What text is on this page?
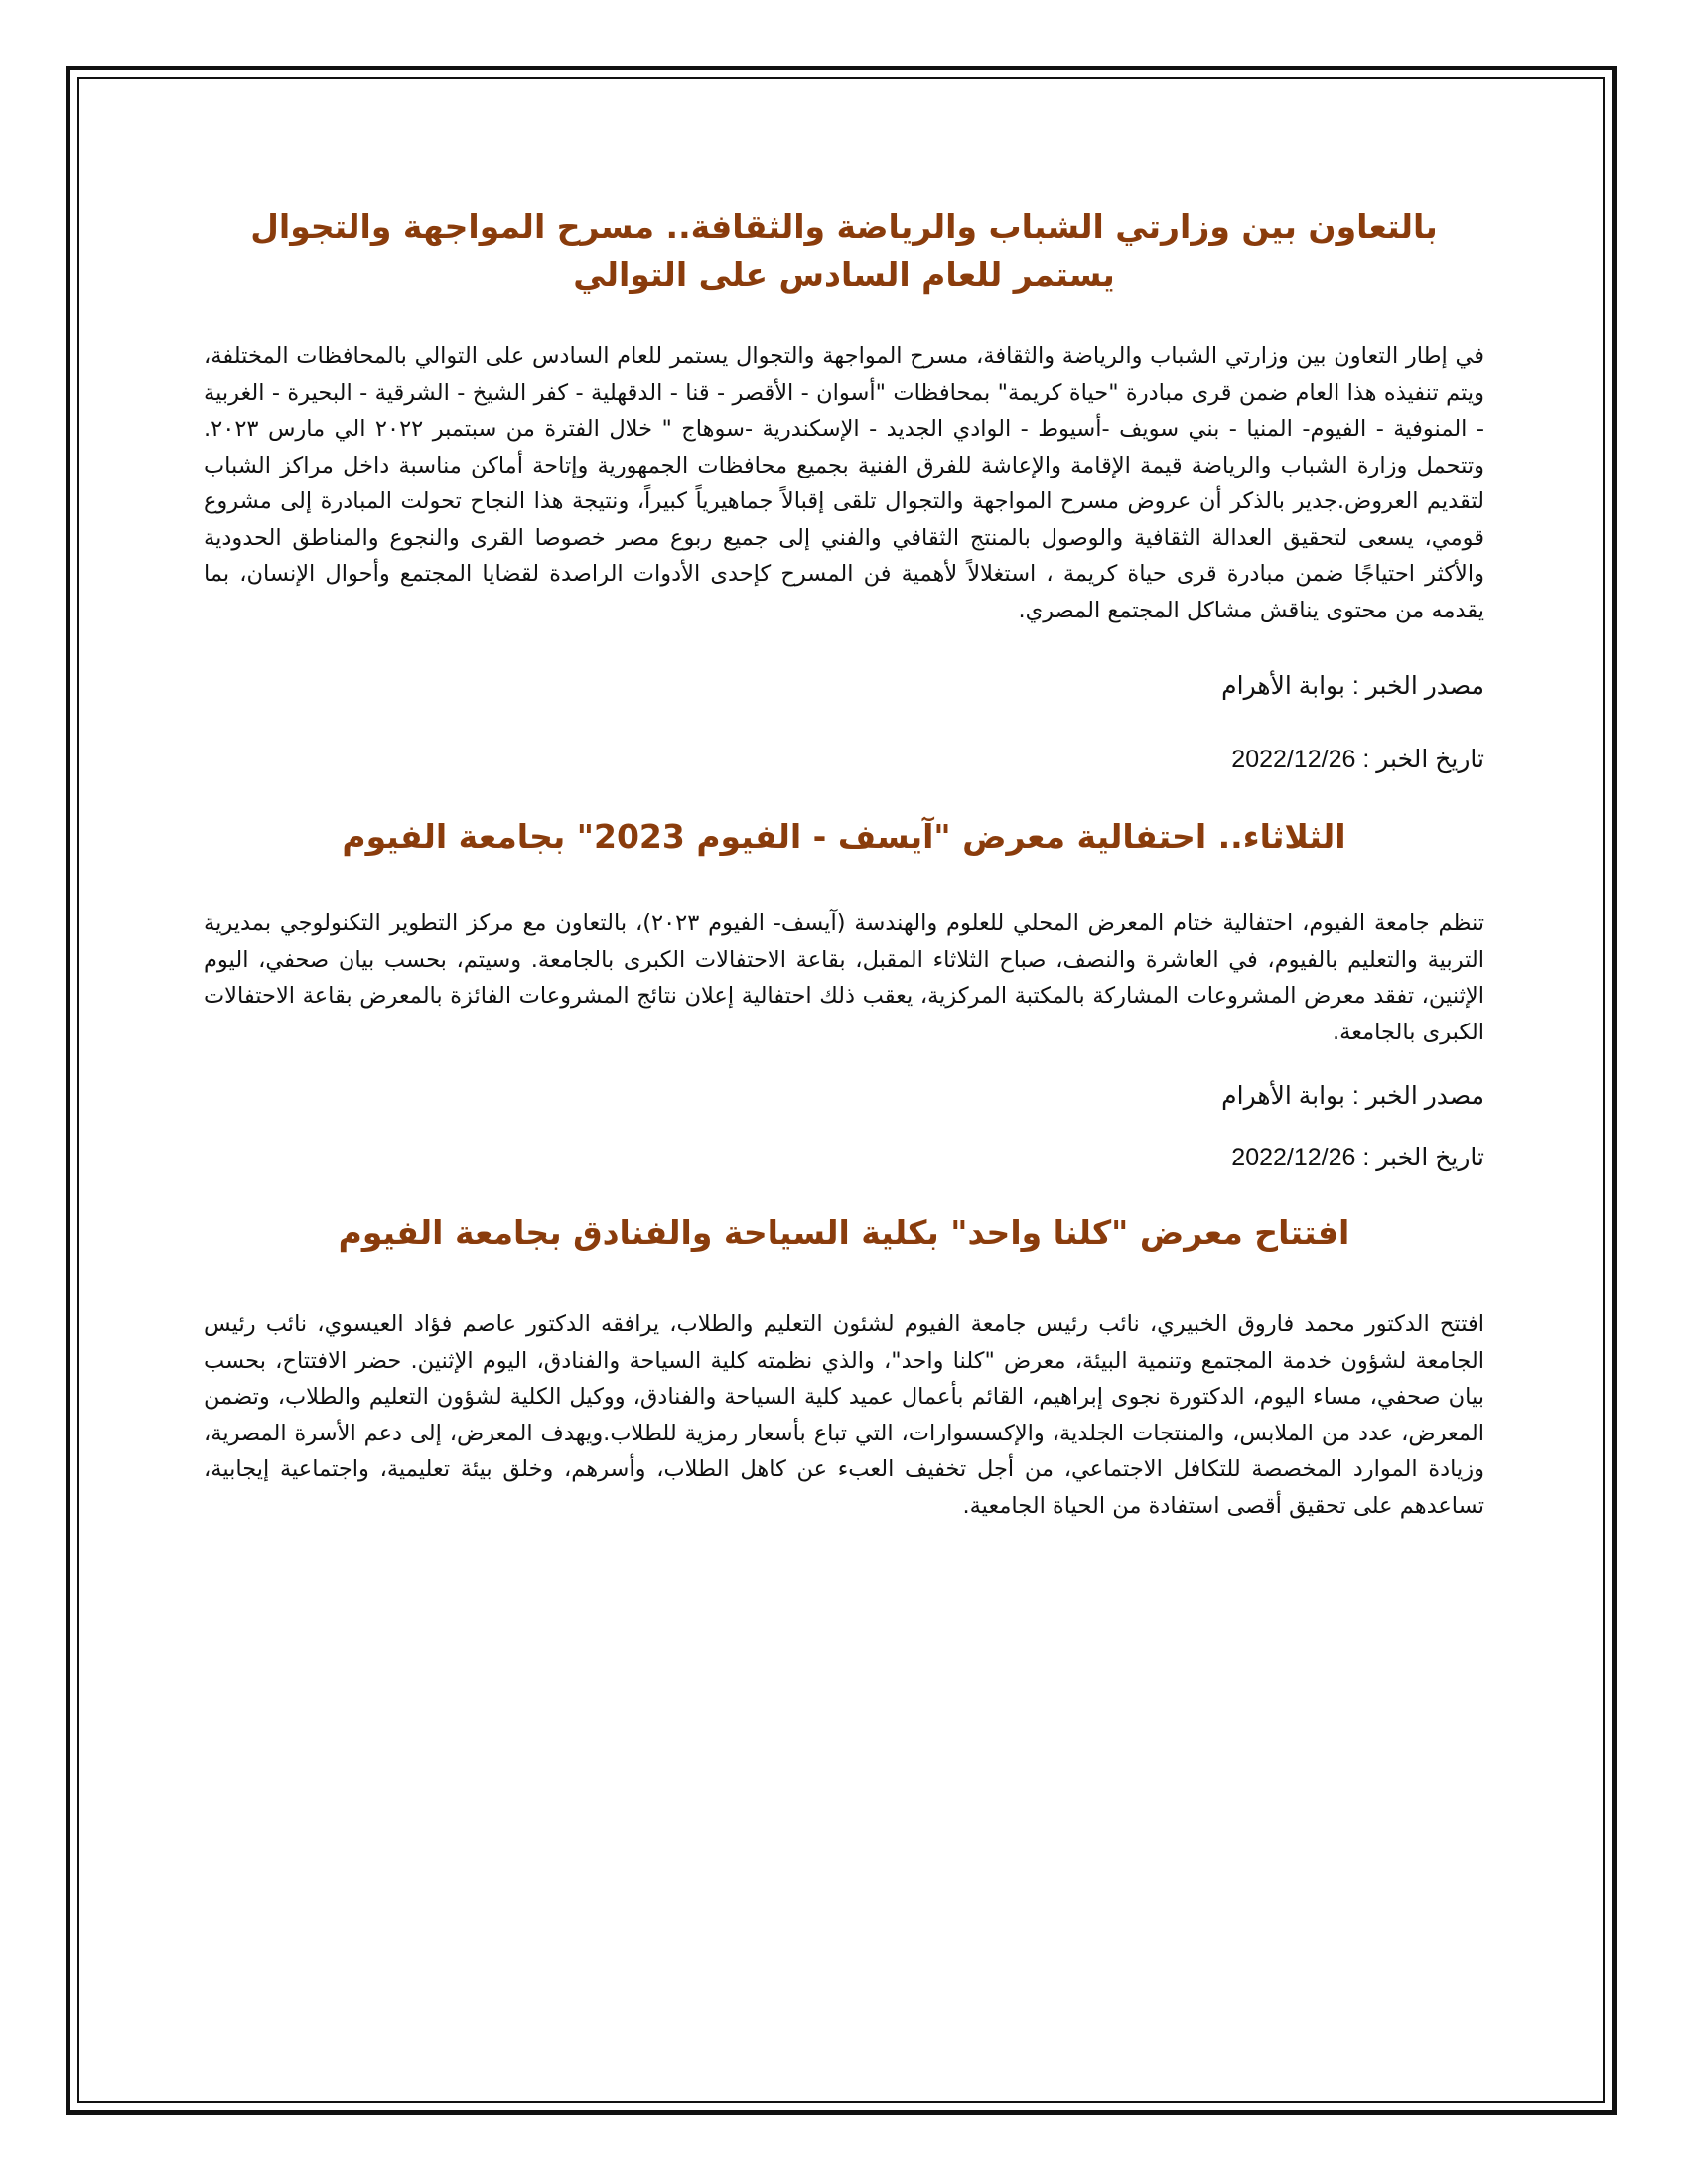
بالتعاون بين وزارتي الشباب والرياضة والثقافة.. مسرح المواجهة والتجوال
يستمر للعام السادس على التوالي

في إطار التعاون بين وزارتي الشباب والرياضة والثقافة، مسرح المواجهة والتجوال يستمر للعام السادس على التوالي بالمحافظات المختلفة، ويتم تنفيذه هذا العام ضمن قرى مبادرة "حياة كريمة" بمحافظات "أسوان - الأقصر - قنا - الدقهلية - كفر الشيخ - الشرقية - البحيرة - الغربية - المنوفية - الفيوم- المنيا - بني سويف -أسيوط - الوادي الجديد - الإسكندرية -سوهاج " خلال الفترة من سبتمبر ٢٠٢٢ الي مارس ٢٠٢٣. وتتحمل وزارة الشباب والرياضة قيمة الإقامة والإعاشة للفرق الفنية بجميع محافظات الجمهورية وإتاحة أماكن مناسبة داخل مراكز الشباب لتقديم العروض.جدير بالذكر أن عروض مسرح المواجهة والتجوال تلقى إقبالاً جماهيرياً كبيراً، ونتيجة هذا النجاح تحولت المبادرة إلى مشروع قومي، يسعى لتحقيق العدالة الثقافية والوصول بالمنتج الثقافي والفني إلى جميع ربوع مصر خصوصا القرى والنجوع والمناطق الحدودية والأكثر احتياجًا ضمن مبادرة قرى حياة كريمة ، استغلالاً لأهمية فن المسرح كإحدى الأدوات الراصدة لقضايا المجتمع وأحوال الإنسان، بما يقدمه من محتوى يناقش مشاكل المجتمع المصري.

مصدر الخبر : بوابة الأهرام

تاريخ الخبر : 2022/12/26

الثلاثاء.. احتفالية معرض "آيسف - الفيوم 2023" بجامعة الفيوم

تنظم جامعة الفيوم، احتفالية ختام المعرض المحلي للعلوم والهندسة (آيسف- الفيوم ٢٠٢٣)، بالتعاون مع مركز التطوير التكنولوجي بمديرية التربية والتعليم بالفيوم، في العاشرة والنصف، صباح الثلاثاء المقبل، بقاعة الاحتفالات الكبرى بالجامعة. وسيتم، بحسب بيان صحفي، اليوم الإثنين، تفقد معرض المشروعات المشاركة بالمكتبة المركزية، يعقب ذلك احتفالية إعلان نتائج المشروعات الفائزة بالمعرض بقاعة الاحتفالات الكبرى بالجامعة.

مصدر الخبر : بوابة الأهرام

تاريخ الخبر : 2022/12/26

افتتاح معرض "كلنا واحد" بكلية السياحة والفنادق بجامعة الفيوم

افتتح الدكتور محمد فاروق الخبيري، نائب رئيس جامعة الفيوم لشئون التعليم والطلاب، يرافقه الدكتور عاصم فؤاد العيسوي، نائب رئيس الجامعة لشؤون خدمة المجتمع وتنمية البيئة، معرض "كلنا واحد"، والذي نظمته كلية السياحة والفنادق، اليوم الإثنين. حضر الافتتاح، بحسب بيان صحفي، مساء اليوم، الدكتورة نجوى إبراهيم، القائم بأعمال عميد كلية السياحة والفنادق، ووكيل الكلية لشؤون التعليم والطلاب، وتضمن المعرض، عدد من الملابس، والمنتجات الجلدية، والإكسسوارات، التي تباع بأسعار رمزية للطلاب.ويهدف المعرض، إلى دعم الأسرة المصرية، وزيادة الموارد المخصصة للتكافل الاجتماعي، من أجل تخفيف العبء عن كاهل الطلاب، وأسرهم، وخلق بيئة تعليمية، واجتماعية إيجابية، تساعدهم على تحقيق أقصى استفادة من الحياة الجامعية.
